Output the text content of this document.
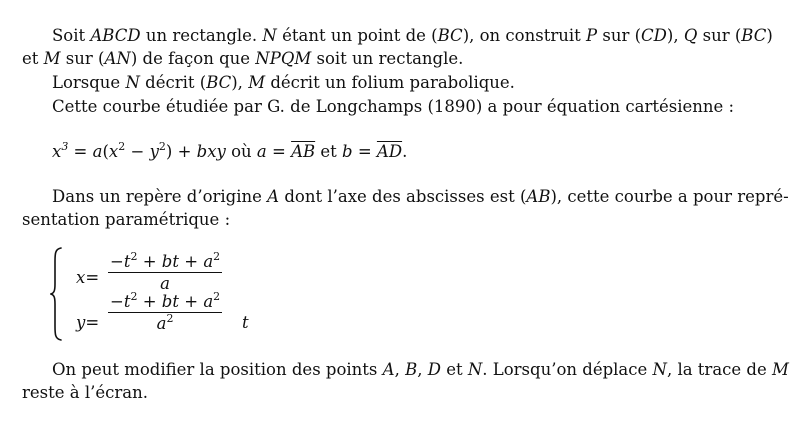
Soit ABCD un rectangle. N étant un point de (BC), on construit P sur (CD), Q sur (BC)
et M sur (AN) de façon que NPQM soit un rectangle.
Lorsque N décrit (BC), M décrit un folium parabolique.
Cette courbe étudiée par G. de Longchamps (1890) a pour équation cartésienne :
$x^3 = a(x^2 - y^2)$ + bxy où $a = \overline{AB}$ et $b = \overline{AD}$.
Dans un repère d’origine A dont l’axe des abscisses est (AB), cette courbe a pour repré-
sentation paramétrique :
x=
$-t^2$ + bt + $a^2$
a
y=
$-t^2$ + bt + $a^2$
$a^2$	t
On peut modifier la position des points A, B, D et N. Lorsqu’on déplace N, la trace de M
reste à l’écran.
